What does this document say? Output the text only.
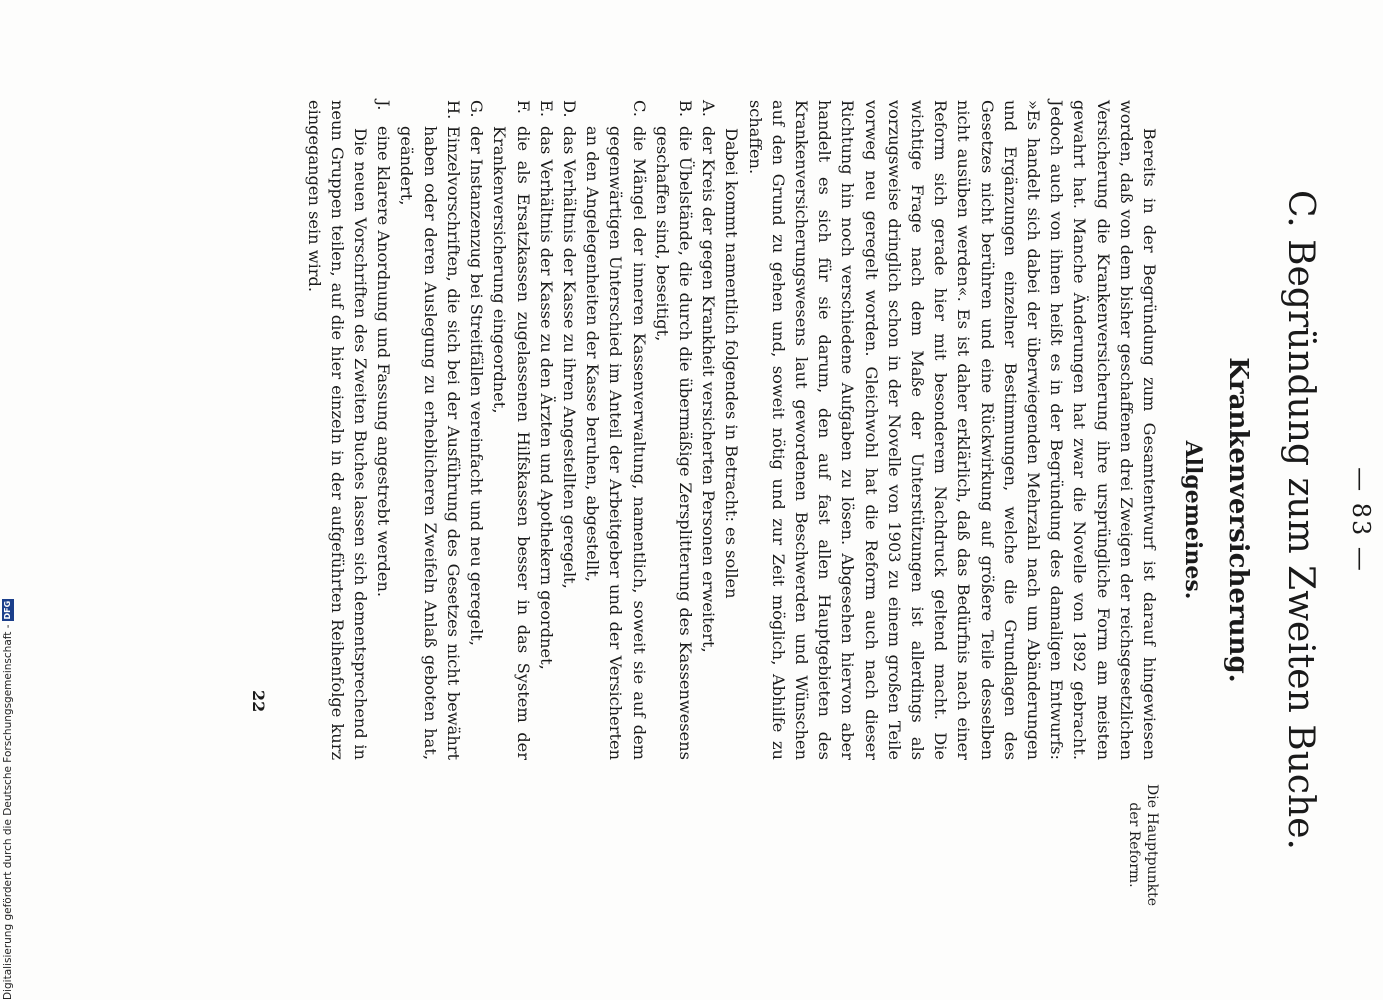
— 83 —
C. Begründung zum Zweiten Buche.
Krankenversicherung.
Allgemeines.
Die Hauptpunkte der Reform.

Bereits in der Begründung zum Gesamtentwurf ist darauf hingewiesen worden, daß von dem bisher geschaffenen drei Zweigen der reichsgesetzlichen Versicherung die Krankenversicherung ihre ursprüngliche Form am meisten gewahrt hat. Manche Änderungen hat zwar die Novelle von 1892 gebracht. Jedoch auch von ihnen heißt es in der Begründung des damaligen Entwurfs: »Es handelt sich dabei der überwiegenden Mehrzahl nach um Abänderungen und Ergänzungen einzelner Bestimmungen, welche die Grundlagen des Gesetzes nicht berühren und eine Rückwirkung auf größere Teile desselben nicht ausüben werden«. Es ist daher erklärlich, daß das Bedürfnis nach einer Reform sich gerade hier mit besonderem Nachdruck geltend macht. Die wichtige Frage nach dem Maße der Unterstützungen ist allerdings als vorzugsweise dringlich schon in der Novelle von 1903 zu einem großen Teile vorweg neu geregelt worden. Gleichwohl hat die Reform auch nach dieser Richtung hin noch verschiedene Aufgaben zu lösen. Abgesehen hiervon aber handelt es sich für sie darum, den auf fast allen Hauptgebieten des Krankenversicherungswesens laut gewordenen Beschwerden und Wünschen auf den Grund zu gehen und, soweit nötig und zur Zeit möglich, Abhilfe zu schaffen.

Dabei kommt namentlich folgendes in Betracht: es sollen

A.
der Kreis der gegen Krankheit versicherten Personen erweitert,
B.
die Übelstände, die durch die übermäßige Zersplitterung des Kassenwesens geschaffen sind, beseitigt,
C.
die Mängel der inneren Kassenverwaltung, namentlich, soweit sie auf dem gegenwärtigen Unterschied im Anteil der Arbeitgeber und der Versicherten an den Angelegenheiten der Kasse beruhen, abgestellt,
D.
das Verhältnis der Kasse zu ihren Angestellten geregelt,
E.
das Verhältnis der Kasse zu den Ärzten und Apothekern geordnet,
F.
die als Ersatzkassen zugelassenen Hilfskassen besser in das System der Krankenversicherung eingeordnet,
G.
der Instanzenzug bei Streitfällen vereinfacht und neu geregelt,
H.
Einzelvorschriften, die sich bei der Ausführung des Gesetzes nicht bewährt haben oder deren Auslegung zu erheblicheren Zweifeln Anlaß geboten hat, geändert,
J.
eine klarere Anordnung und Fassung angestrebt werden.

Die neuen Vorschriften des Zweiten Buches lassen sich dementsprechend in neun Gruppen teilen, auf die hier einzeln in der aufgeführten Reihenfolge kurz eingegangen sein wird.

22
Digitalisierung gefördert durch die Deutsche Forschungsgemeinschaft -
DFG
